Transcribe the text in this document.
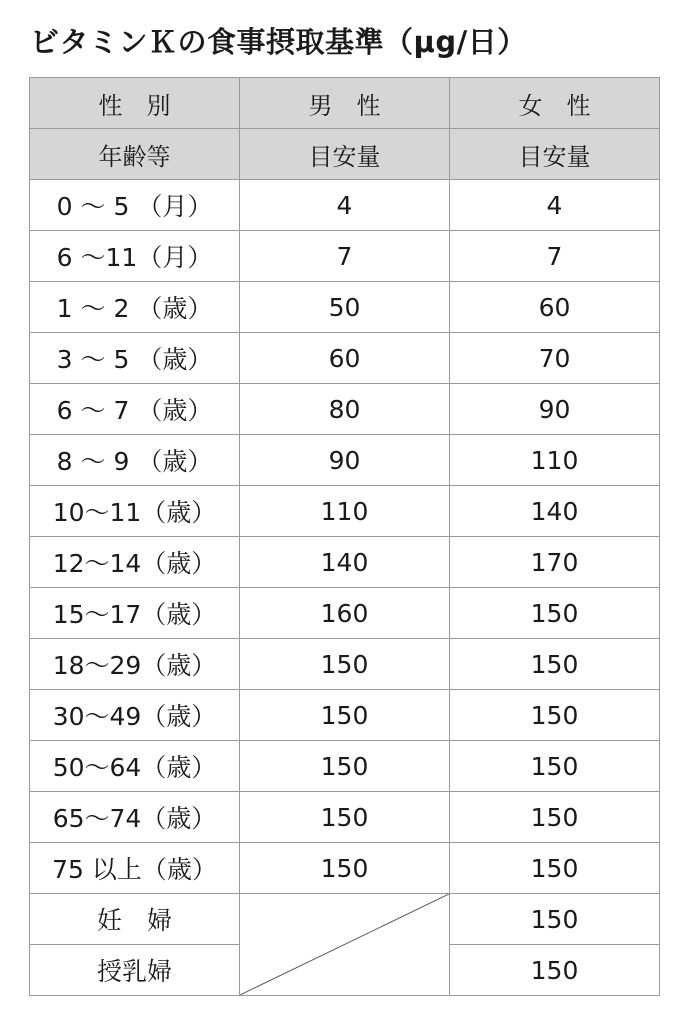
ビタミンＫの食事摂取基準（μg/日）
性　別	男　性	女　性
年齢等	目安量	目安量
0 ～ 5 （月）	4	4
6 ～11（月）	7	7
1 ～ 2 （歳）	50	60
3 ～ 5 （歳）	60	70
6 ～ 7 （歳）	80	90
8 ～ 9 （歳）	90	110
10～11（歳）	110	140
12～14（歳）	140	170
15～17（歳）	160	150
18～29（歳）	150	150
30～49（歳）	150	150
50～64（歳）	150	150
65～74（歳）	150	150
75 以上（歳）	150	150
妊　婦		150
授乳婦		150
